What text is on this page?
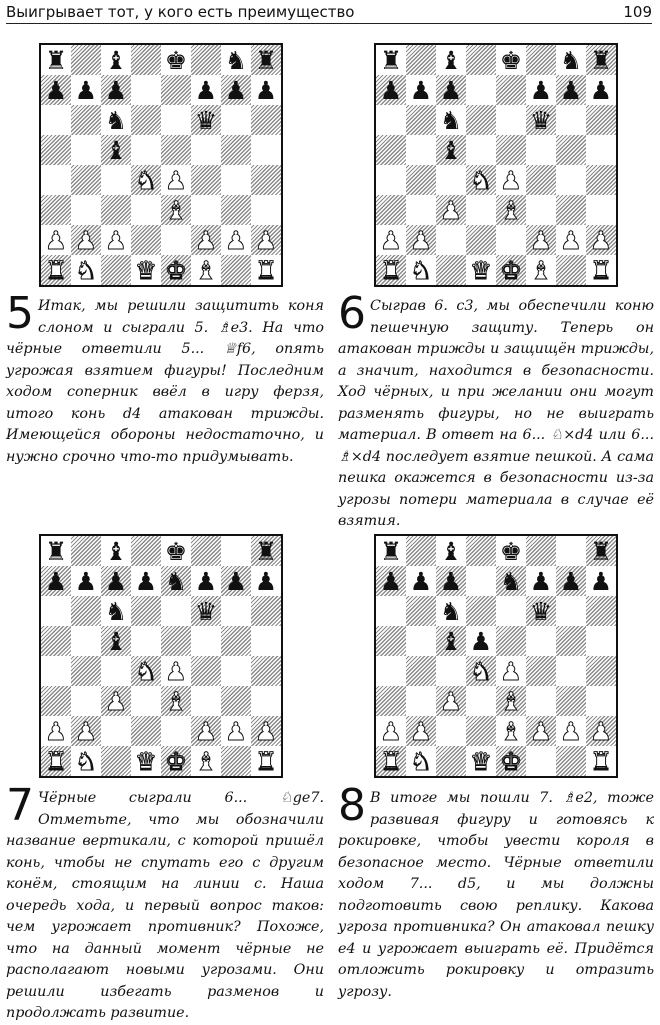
Выигрывает тот, у кого есть преимущество	109
♜ ♝ ♚ ♞ ♜
♟ ♟ ♟	♟ ♟ ♟
♞	♛
♝
♞ ♟
♝
♟ ♟ ♟	♟ ♟ ♟
♜ ♞ ♛ ♚ ♝ ♜
♜ ♝ ♚ ♞ ♜
♟ ♟ ♟	♟ ♟ ♟
♞	♛
♝
♞ ♟
♟ ♝
♟ ♟	♟ ♟ ♟
♜ ♞ ♛ ♚ ♝ ♜
♜ ♝ ♚	♜
♟ ♟ ♟ ♟ ♞ ♟ ♟ ♟
♞	♛
♝
♞ ♟
♟ ♝
♟ ♟	♟ ♟ ♟
♜ ♞ ♛ ♚ ♝ ♜
♜ ♝ ♚	♜
♟ ♟ ♟ ♞ ♟ ♟ ♟
♞	♛
♝ ♟
♞ ♟
♟ ♝
♟ ♟	♝ ♟ ♟ ♟
♜ ♞ ♛ ♚	♜

5 Итак, мы решили защитить коня слоном и сыграли 5. ♗e3. На что чёрные ответили 5... ♕f6, опять угрожая взятием фигуры! Последним ходом соперник ввёл в игру ферзя, итого конь d4 атакован трижды. Имеющейся обороны недостаточно, и нужно срочно что-то придумывать.

6 Сыграв 6. c3, мы обеспечили коню пешечную защиту. Теперь он атакован трижды и защищён трижды, а значит, находится в безопасности. Ход чёрных, и при желании они могут разменять фигуры, но не выиграть материал. В ответ на 6... ♘×d4 или 6... ♗×d4 последует взятие пешкой. А сама пешка окажется в безопасности из-за угрозы потери материала в случае её взятия.

7 Чёрные сыграли 6... ♘ge7. Отметьте, что мы обозначили название вертикали, с которой пришёл конь, чтобы не спутать его с другим конём, стоящим на линии c. Наша очередь хода, и первый вопрос таков: чем угрожает противник? Похоже, что на данный момент чёрные не располагают новыми угрозами. Они решили избегать разменов и продолжать развитие.

8 В итоге мы пошли 7. ♗e2, тоже развивая фигуру и готовясь к рокировке, чтобы увести короля в безопасное место. Чёрные ответили ходом 7... d5, и мы должны подготовить свою реплику. Какова угроза противника? Он атаковал пешку e4 и угрожает выиграть её. Придётся отложить рокировку и отразить угрозу.
